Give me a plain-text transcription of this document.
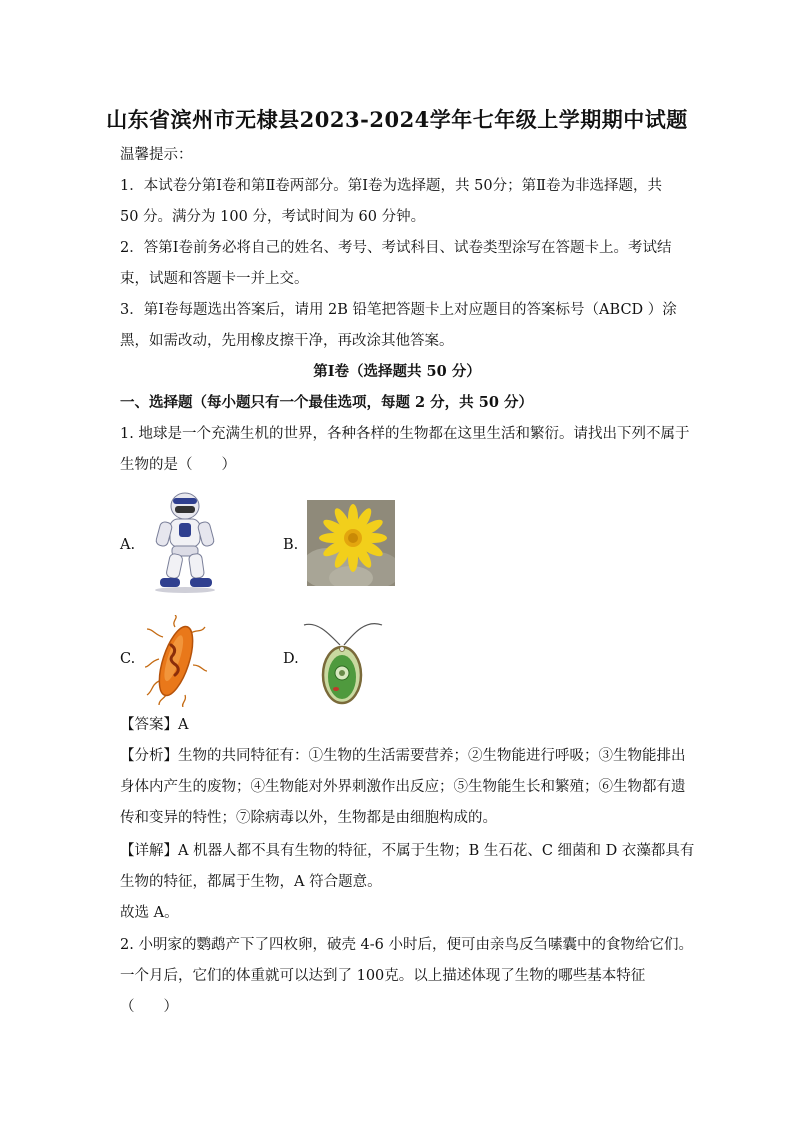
山东省滨州市无棣县2023-2024学年七年级上学期期中试题
温馨提示：
1．本试卷分第Ⅰ卷和第Ⅱ卷两部分。第Ⅰ卷为选择题，共 50分；第Ⅱ卷为非选择题，共
50 分。满分为 100 分，考试时间为 60 分钟。
2．答第Ⅰ卷前务必将自己的姓名、考号、考试科目、试卷类型涂写在答题卡上。考试结
束，试题和答题卡一并上交。
3．第Ⅰ卷每题选出答案后，请用 2B 铅笔把答题卡上对应题目的答案标号（ABCD ）涂
黑，如需改动，先用橡皮擦干净，再改涂其他答案。
第Ⅰ卷（选择题共 50 分）
一、选择题（每小题只有一个最佳选项，每题 2 分，共 50 分）
1. 地球是一个充满生机的世界，各种各样的生物都在这里生活和繁衍。请找出下列不属于
生物的是（　　）
A.	B.
C.	D.
【答案】A
【分析】生物的共同特征有：①生物的生活需要营养；②生物能进行呼吸；③生物能排出
身体内产生的废物；④生物能对外界刺激作出反应；⑤生物能生长和繁殖；⑥生物都有遗
传和变异的特性；⑦除病毒以外，生物都是由细胞构成的。
【详解】A 机器人都不具有生物的特征，不属于生物；B 生石花、C 细菌和 D 衣藻都具有
生物的特征，都属于生物，A 符合题意。
故选 A。
2. 小明家的鹦鹉产下了四枚卵，破壳 4-6 小时后，便可由亲鸟反刍嗉囊中的食物给它们。
一个月后，它们的体重就可以达到了 100克。以上描述体现了生物的哪些基本特征
（　　）
